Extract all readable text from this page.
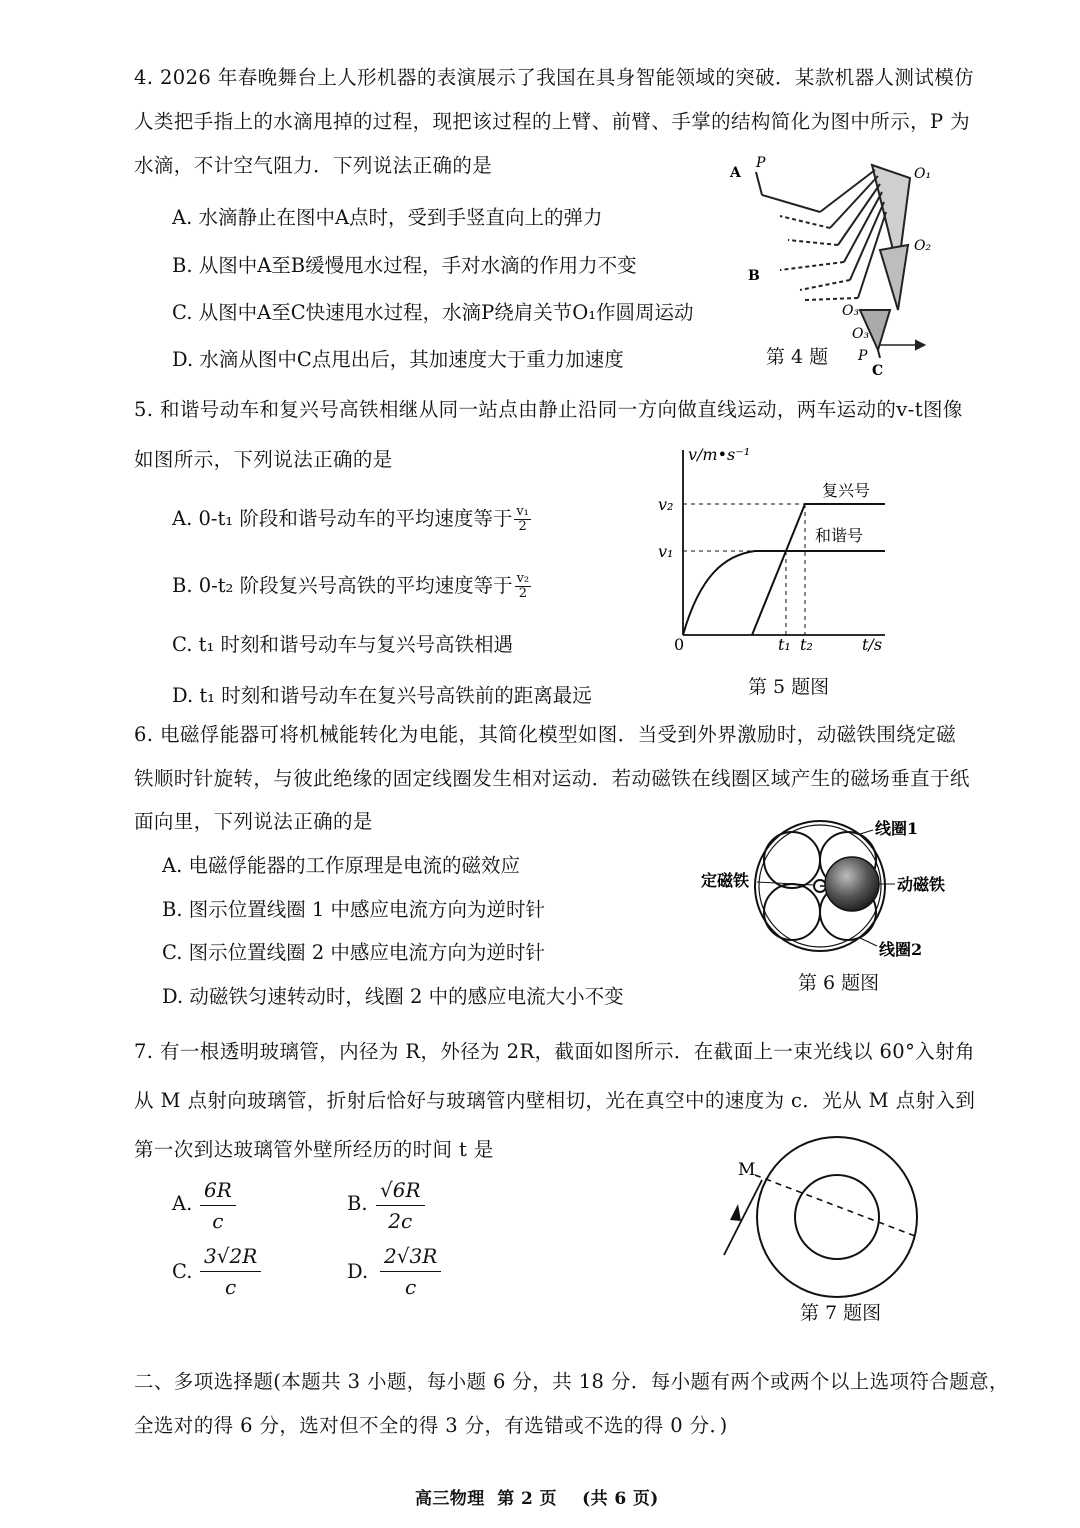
4. 2026 年春晚舞台上人形机器的表演展示了我国在具身智能领域的突破．某款机器人测试模仿
人类把手指上的水滴甩掉的过程，现把该过程的上臂、前臂、手掌的结构简化为图中所示，P 为
水滴，不计空气阻力．下列说法正确的是
A. 水滴静止在图中A点时，受到手竖直向上的弹力
B. 从图中A至B缓慢甩水过程，手对水滴的作用力不变
C. 从图中A至C快速甩水过程，水滴P绕肩关节O₁作圆周运动
D. 水滴从图中C点甩出后，其加速度大于重力加速度
A
P
B
C
P
O₁
O₂
O₃
O₃
第 4 题
5. 和谐号动车和复兴号高铁相继从同一站点由静止沿同一方向做直线运动，两车运动的v-t图像
如图所示，下列说法正确的是
A. 0-t₁ 阶段和谐号动车的平均速度等于 $\frac{\text{v₁}}{2}$
B. 0-t₂ 阶段复兴号高铁的平均速度等于 $\frac{\text{v₂}}{2}$
C. t₁ 时刻和谐号动车与复兴号高铁相遇
D. t₁ 时刻和谐号动车在复兴号高铁前的距离最远
v/m•s⁻¹
t/s
0	t₁ t₂
v₁
v₂
复兴号
和谐号
第 5 题图
6. 电磁俘能器可将机械能转化为电能，其简化模型如图．当受到外界激励时，动磁铁围绕定磁
铁顺时针旋转，与彼此绝缘的固定线圈发生相对运动．若动磁铁在线圈区域产生的磁场垂直于纸
面向里，下列说法正确的是
A. 电磁俘能器的工作原理是电流的磁效应
B. 图示位置线圈 1 中感应电流方向为逆时针
C. 图示位置线圈 2 中感应电流方向为逆时针
D. 动磁铁匀速转动时，线圈 2 中的感应电流大小不变
线圈1
线圈2
定磁铁	动磁铁
第 6 题图
7. 有一根透明玻璃管，内径为 R，外径为 2R，截面如图所示．在截面上一束光线以 60°入射角
从 M 点射向玻璃管，折射后恰好与玻璃管内壁相切，光在真空中的速度为 c．光从 M 点射入到
第一次到达玻璃管外壁所经历的时间 t 是
A. $\frac{6R}{c}$	B. $\frac{√6R}{2c}$
C. $\frac{3√2R}{c}$	D. $\frac{2√3R}{c}$
M
第 7 题图
二、多项选择题(本题共 3 小题，每小题 6 分，共 18 分．每小题有两个或两个以上选项符合题意，
全选对的得 6 分，选对但不全的得 3 分，有选错或不选的得 0 分．)
高三物理  第 2 页    (共 6 页)
